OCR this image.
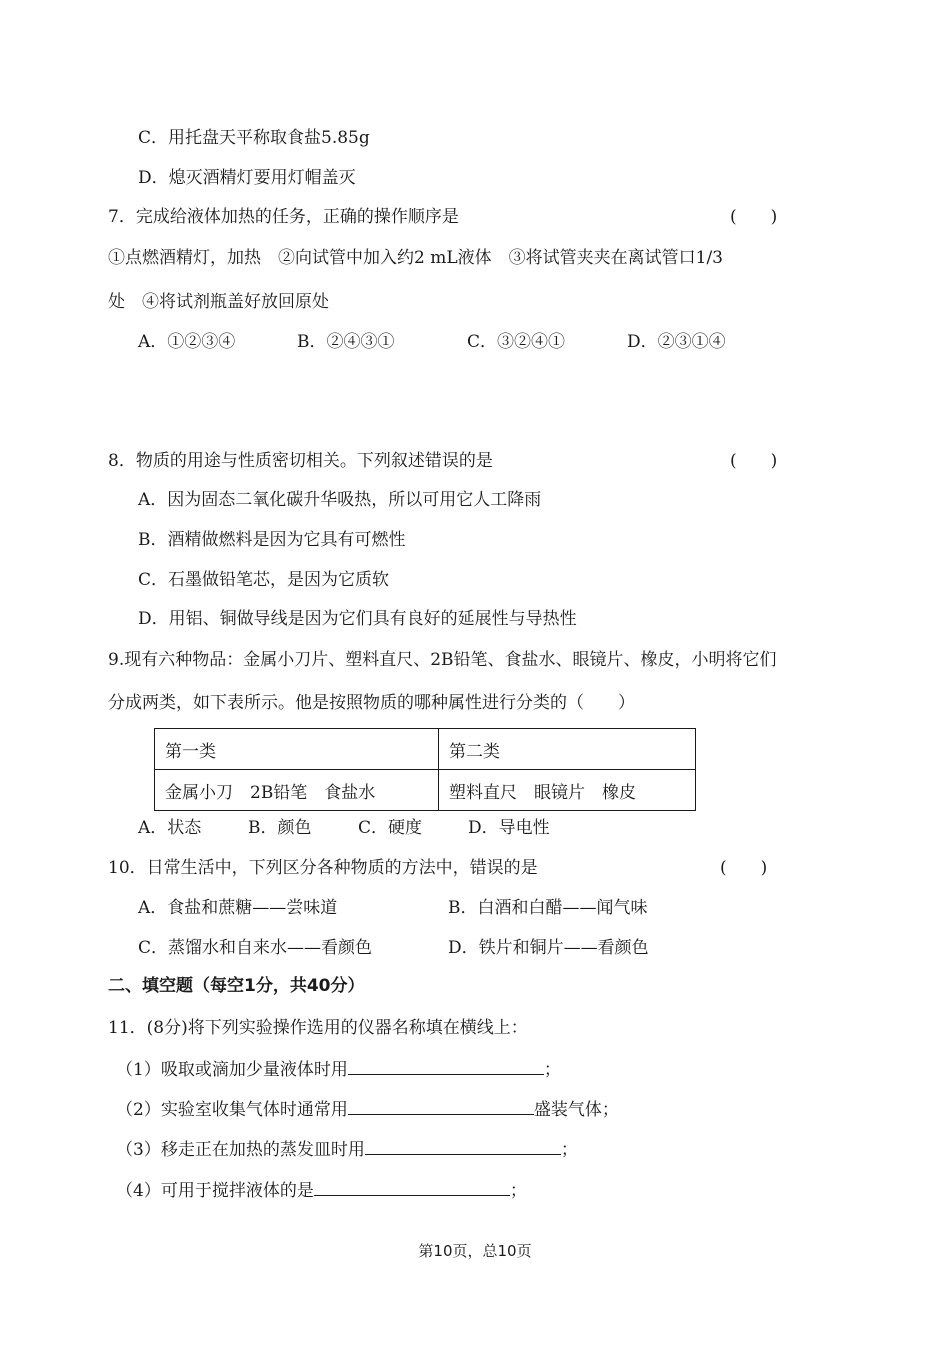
C．用托盘天平称取食盐5.85g
D．熄灭酒精灯要用灯帽盖灭
7．完成给液体加热的任务，正确的操作顺序是	(　　)
①点燃酒精灯，加热　②向试管中加入约2 mL液体　③将试管夹夹在离试管口1/3
处　④将试剂瓶盖好放回原处
A．①②③④	B．②④③①	C．③②④①	D．②③①④
8．物质的用途与性质密切相关。下列叙述错误的是	(　　)
A．因为固态二氧化碳升华吸热，所以可用它人工降雨
B．酒精做燃料是因为它具有可燃性
C．石墨做铅笔芯，是因为它质软
D．用铝、铜做导线是因为它们具有良好的延展性与导热性
9.现有六种物品：金属小刀片、塑料直尺、2B铅笔、食盐水、眼镜片、橡皮，小明将它们
分成两类，如下表所示。他是按照物质的哪种属性进行分类的（　　）
第一类	第二类
金属小刀　2B铅笔　食盐水	塑料直尺　眼镜片　橡皮
A．状态	B．颜色	C．硬度	D．导电性
10．日常生活中，下列区分各种物质的方法中，错误的是	(　　)
A．食盐和蔗糖——尝味道	B．白酒和白醋——闻气味
C．蒸馏水和自来水——看颜色	D．铁片和铜片——看颜色
二、填空题（每空1分，共40分）
11．(8分)将下列实验操作选用的仪器名称填在横线上：
（1）吸取或滴加少量液体时用	；
（2）实验室收集气体时通常用	盛装气体；
（3）移走正在加热的蒸发皿时用	；
（4）可用于搅拌液体的是	；
第10页，总10页
